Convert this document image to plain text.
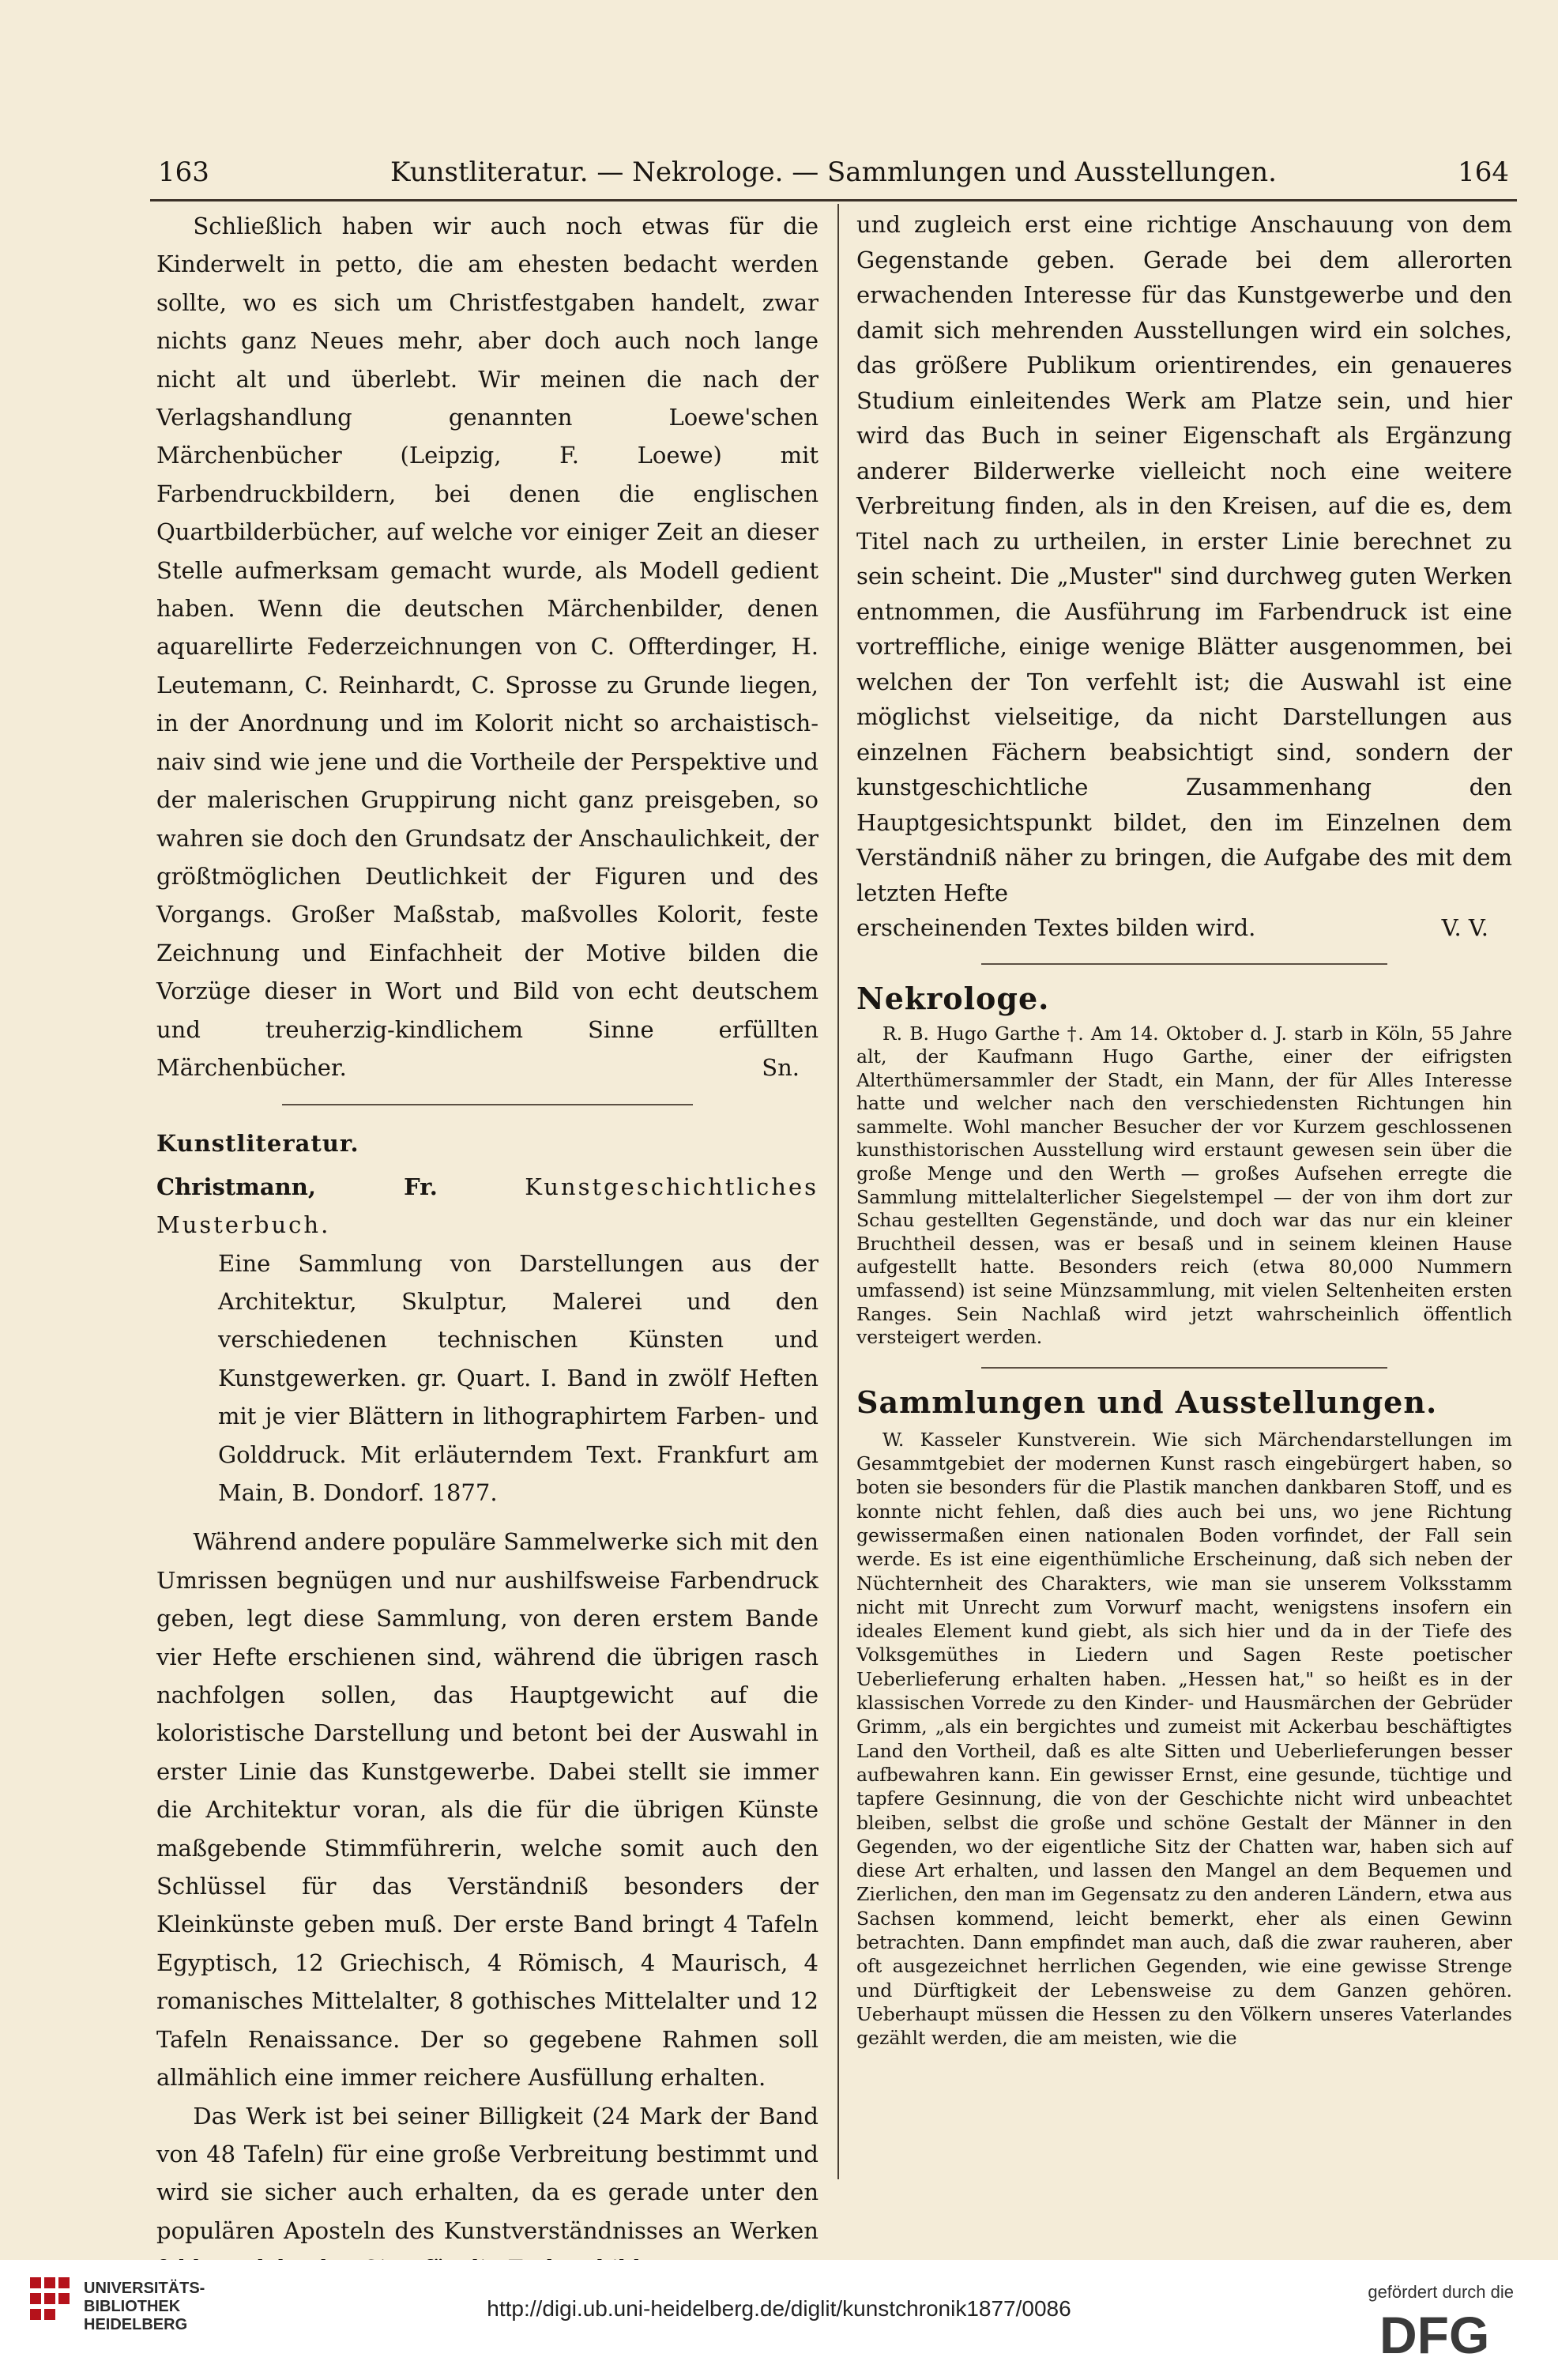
163	Kunstliteratur. — Nekrologe. — Sammlungen und Ausstellungen.	164

Schließlich haben wir auch noch etwas für die Kinderwelt in petto, die am ehesten bedacht werden sollte, wo es sich um Christfestgaben handelt, zwar nichts ganz Neues mehr, aber doch auch noch lange nicht alt und überlebt. Wir meinen die nach der Verlagshandlung genannten Loewe'schen Märchenbücher (Leipzig, F. Loewe) mit Farbendruckbildern, bei denen die englischen Quartbilderbücher, auf welche vor einiger Zeit an dieser Stelle aufmerksam gemacht wurde, als Modell gedient haben. Wenn die deutschen Märchenbilder, denen aquarellirte Federzeichnungen von C. Offterdinger, H. Leutemann, C. Reinhardt, C. Sprosse zu Grunde liegen, in der Anordnung und im Kolorit nicht so archaistisch-naiv sind wie jene und die Vortheile der Perspektive und der malerischen Gruppirung nicht ganz preisgeben, so wahren sie doch den Grundsatz der Anschaulichkeit, der größtmöglichen Deutlichkeit der Figuren und des Vorgangs. Großer Maßstab, maßvolles Kolorit, feste Zeichnung und Einfachheit der Motive bilden die Vorzüge dieser in Wort und Bild von echt deutschem und treuherzig-kindlichem Sinne erfüllten Märchenbücher.	Sn.

Kunstliteratur.

Christmann, Fr.	Kunstgeschichtliches Musterbuch.

Eine Sammlung von Darstellungen aus der Architektur, Skulptur, Malerei und den verschiedenen technischen Künsten und Kunstgewerken. gr. Quart. I. Band in zwölf Heften mit je vier Blättern in lithographirtem Farben- und Golddruck. Mit erläuterndem Text. Frankfurt am Main, B. Dondorf. 1877.

Während andere populäre Sammelwerke sich mit den Umrissen begnügen und nur aushilfsweise Farbendruck geben, legt diese Sammlung, von deren erstem Bande vier Hefte erschienen sind, während die übrigen rasch nachfolgen sollen, das Hauptgewicht auf die koloristische Darstellung und betont bei der Auswahl in erster Linie das Kunstgewerbe. Dabei stellt sie immer die Architektur voran, als die für die übrigen Künste maßgebende Stimmführerin, welche somit auch den Schlüssel für das Verständniß besonders der Kleinkünste geben muß. Der erste Band bringt 4 Tafeln Egyptisch, 12 Griechisch, 4 Römisch, 4 Maurisch, 4 romanisches Mittelalter, 8 gothisches Mittelalter und 12 Tafeln Renaissance. Der so gegebene Rahmen soll allmählich eine immer reichere Ausfüllung erhalten.

Das Werk ist bei seiner Billigkeit (24 Mark der Band von 48 Tafeln) für eine große Verbreitung bestimmt und wird sie sicher auch erhalten, da es gerade unter den populären Aposteln des Kunstverständnisses an Werken

und zugleich erst eine richtige Anschauung von dem Gegenstande geben. Gerade bei dem allerorten erwachenden Interesse für das Kunstgewerbe und den damit sich mehrenden Ausstellungen wird ein solches, das größere Publikum orientirendes, ein genaueres Studium einleitendes Werk am Platze sein, und hier wird das Buch in seiner Eigenschaft als Ergänzung anderer Bilderwerke vielleicht noch eine weitere Verbreitung finden, als in den Kreisen, auf die es, dem Titel nach zu urtheilen, in erster Linie berechnet zu sein scheint. Die „Muster" sind durchweg guten Werken entnommen, die Ausführung im Farbendruck ist eine vortreffliche, einige wenige Blätter ausgenommen, bei welchen der Ton verfehlt ist; die Auswahl ist eine möglichst vielseitige, da nicht Darstellungen aus einzelnen Fächern beabsichtigt sind, sondern der kunstgeschichtliche Zusammenhang den Hauptgesichtspunkt bildet, den im Einzelnen dem Verständniß näher zu bringen, die Aufgabe des mit dem letzten Hefte

erscheinenden Textes bilden wird.	V. V.

Nekrologe.

R. B. Hugo Garthe †. Am 14. Oktober d. J. starb in Köln, 55 Jahre alt, der Kaufmann Hugo Garthe, einer der eifrigsten Alterthümersammler der Stadt, ein Mann, der für Alles Interesse hatte und welcher nach den verschiedensten Richtungen hin sammelte. Wohl mancher Besucher der vor Kurzem geschlossenen kunsthistorischen Ausstellung wird erstaunt gewesen sein über die große Menge und den Werth — großes Aufsehen erregte die Sammlung mittelalterlicher Siegelstempel — der von ihm dort zur Schau gestellten Gegenstände, und doch war das nur ein kleiner Bruchtheil dessen, was er besaß und in seinem kleinen Hause aufgestellt hatte. Besonders reich (etwa 80,000 Nummern umfassend) ist seine Münzsammlung, mit vielen Seltenheiten ersten Ranges. Sein Nachlaß wird jetzt wahrscheinlich öffentlich versteigert werden.

Sammlungen und Ausstellungen.

W. Kasseler Kunstverein. Wie sich Märchendarstellungen im Gesammtgebiet der modernen Kunst rasch eingebürgert haben, so boten sie besonders für die Plastik manchen dankbaren Stoff, und es konnte nicht fehlen, daß dies auch bei uns, wo jene Richtung gewissermaßen einen nationalen Boden vorfindet, der Fall sein werde. Es ist eine eigenthümliche Erscheinung, daß sich neben der Nüchternheit des Charakters, wie man sie unserem Volksstamm nicht mit Unrecht zum Vorwurf macht, wenigstens insofern ein ideales Element kund giebt, als sich hier und da in der Tiefe des Volksgemüthes in Liedern und Sagen Reste poetischer Ueberlieferung erhalten haben. „Hessen hat," so heißt es in der klassischen Vorrede zu den Kinder- und Hausmärchen der Gebrüder Grimm, „als ein bergichtes und zumeist mit Ackerbau beschäftigtes Land den Vortheil, daß es alte Sitten und Ueberlieferungen besser aufbewahren kann. Ein gewisser Ernst, eine gesunde, tüchtige und tapfere Gesinnung, die von der Geschichte nicht wird unbeachtet bleiben, selbst die große und schöne Gestalt der Männer in den Gegenden, wo der eigentliche Sitz der Chatten war, haben sich auf diese Art erhalten, und lassen den Mangel an dem Bequemen und Zierlichen, den man im Gegensatz zu den anderen Ländern, etwa aus Sachsen kommend, leicht bemerkt, eher als einen Gewinn betrachten. Dann empfindet man auch, daß die zwar rauheren, aber oft ausgezeichnet herrlichen Gegenden, wie eine gewisse Strenge und Dürftigkeit der Lebensweise zu dem Ganzen gehören. Ueberhaupt müssen die Hessen zu den Völkern unseres Vaterlandes gezählt werden, die am meisten, wie die

UNIVERSITÄTS-
BIBLIOTHEK
HEIDELBERG
http://digi.ub.uni-heidelberg.de/diglit/kunstchronik1877/0086
gefördert durch die
DFG
